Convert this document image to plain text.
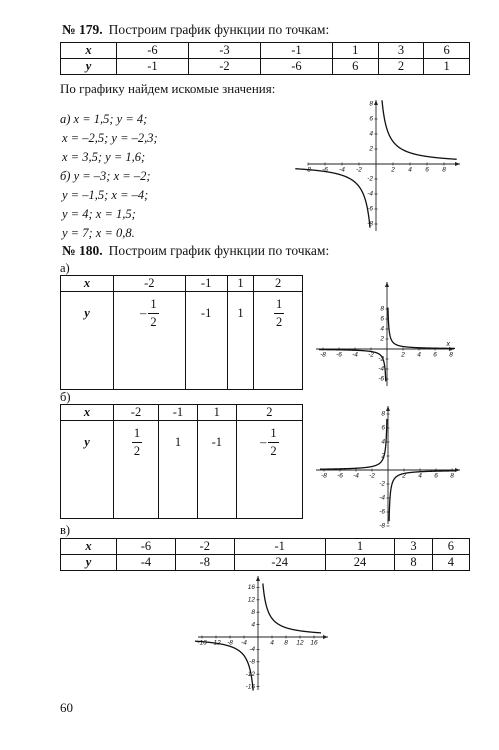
№ 179. Построим график функции по точкам:
x	-6	-3	-1	1	3	6
y	-1	-2	-6	6	2	1
По графику найдем искомые значения:
а) x = 1,5; y = 4;
x = –2,5; y = –2,3;
x = 3,5; y = 1,6;
б) y = –3; x = –2;
y = –1,5; x = –4;
y = 4; x = 1,5;
y = 7; x = 0,8.
-8 -6 -4 -2	2 4 6 8
8
6
4
2
-2
-4
-6
-8
№ 180. Построим график функции по точкам:
а)
x	-2	-1	1	2
y	– $\frac{1}{2}$	-1	1	$\frac{1}{2}$
-8 -6 -4 -2	2 4 6 8
8
6
4
2
-2
-4
-6
x
б)
x	-2	-1	1	2
y	$\frac{1}{2}$	1	-1	– $\frac{1}{2}$
-8 -6 -4 -2	2 4 6 8
8
6
4
2
-2
-4
-6
-8
в)
x	-6	-2	-1	1	3	6
y	-4	-8	-24	24	8	4
-16 -12 -8 -4	4 8 12 16
16
12
8
4
-4
-8
-12
-16
60
